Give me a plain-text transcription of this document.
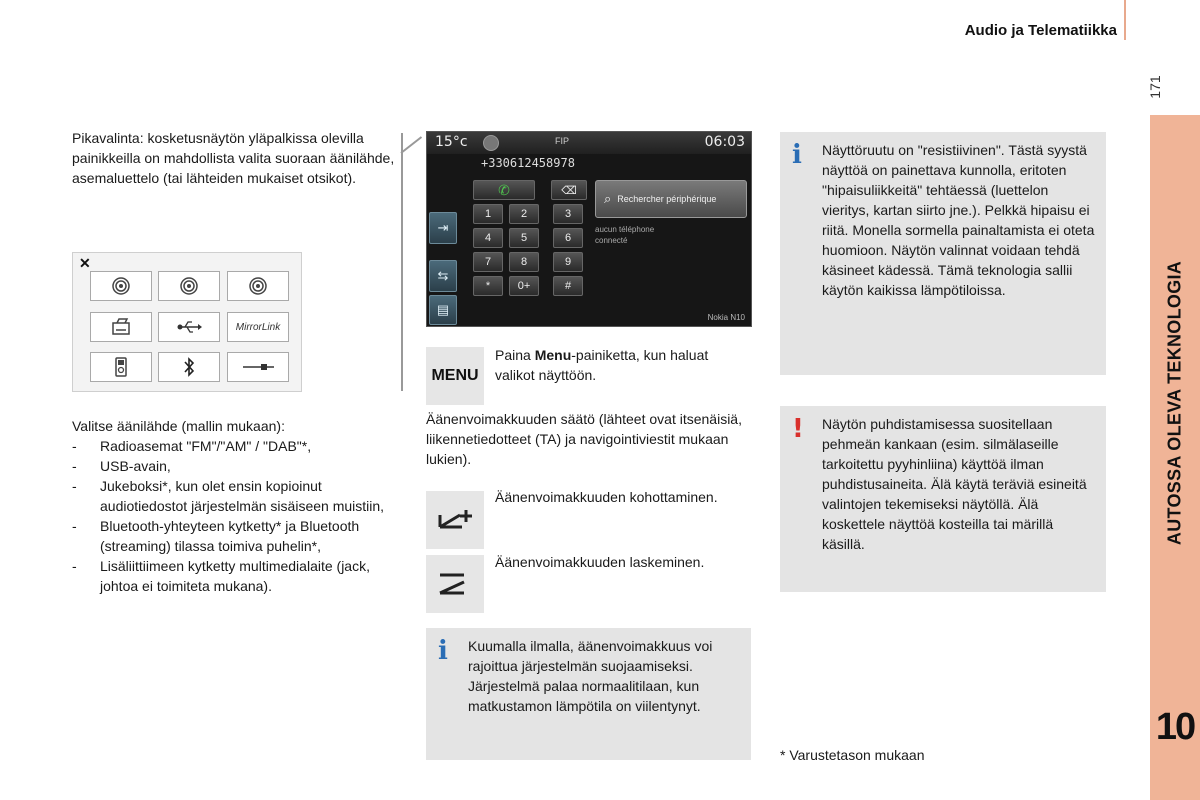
Audio ja Telematiikka
171
AUTOSSA OLEVA TEKNOLOGIA
10
Pikavalinta: kosketusnäytön yläpalkissa olevilla painikkeilla on mahdollista valita suoraan äänilähde, asemaluettelo (tai lähteiden mukaiset otsikot).
✕
MirrorLink
Valitse äänilähde (mallin mukaan):
- Radioasemat "FM"/"AM" / "DAB"*,
- USB-avain,
- Jukeboksi*, kun olet ensin kopioinut audiotiedostot järjestelmän sisäiseen muistiin,
- Bluetooth-yhteyteen kytketty* ja Bluetooth (streaming) tilassa toimiva puhelin*,
- Lisäliittiimeen kytketty multimedialaite (jack, johtoa ei toimiteta mukana).
15°c	FIP	06:03
+330612458978
✆	⌫
1	2	3
4	5	6
7	8	9
*	0+	#
⇥
⇆
▤
⌕ Rechercher périphérique
aucun téléphone
connecté
Nokia N10
MENU
Paina Menu-painiketta, kun haluat valikot näyttöön.
Äänenvoimakkuuden säätö (lähteet ovat itsenäisiä, liikennetiedotteet (TA) ja navigointiviestit mukaan lukien).
Äänenvoimakkuuden kohottaminen.
Äänenvoimakkuuden laskeminen.
i Kuumalla ilmalla, äänenvoimakkuus voi rajoittua järjestelmän suojaamiseksi. Järjestelmä palaa normaalitilaan, kun matkustamon lämpötila on viilentynyt.
i Näyttöruutu on "resistiivinen". Tästä syystä näyttöä on painettava kunnolla, eritoten "hipaisuliikkeitä" tehtäessä (luettelon vieritys, kartan siirto jne.). Pelkkä hipaisu ei riitä. Monella sormella painaltamista ei oteta huomioon. Näytön valinnat voidaan tehdä käsineet kädessä. Tämä teknologia sallii käytön kaikissa lämpötiloissa.
! Näytön puhdistamisessa suositellaan pehmeän kankaan (esim. silmälaseille tarkoitettu pyyhinliina) käyttöä ilman puhdistusaineita. Älä käytä teräviä esineitä valintojen tekemiseksi näytöllä. Älä koskettele näyttöä kosteilla tai märillä käsillä.
* Varustetason mukaan
